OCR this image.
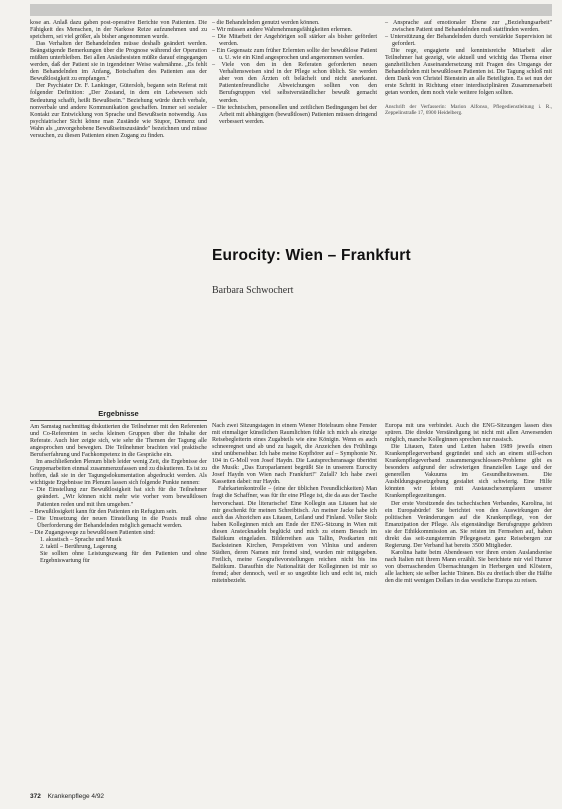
kose an. Anlaß dazu gaben post-operative Berichte von Patienten. Die Fähigkeit des Menschen, in der Narkose Reize aufzunehmen und zu speichern, sei viel größer, als bisher angenommen wurde.

Das Verhalten der Behandelnden müsse deshalb geändert werden. Beängstigende Bemerkungen über die Prognose während der Operation müßten unterbleiben. Bei allen Anästhesisten müßte darauf eingegangen werden, daß der Patient sie in irgendeiner Weise wahrnähme. „Es fehlt den Behandelnden im Anfang, Botschaften des Patienten aus der Bewußtlosigkeit zu empfangen."

Der Psychiater Dr. F. Lankinger, Gütersloh, begann sein Referat mit folgender Definition: „Der Zustand, in dem ein Lebewesen sich Bedeutung schafft, heißt Bewußtsein." Beziehung würde durch verbale, nonverbale und andere Kommunikation geschaffen. Immer sei sozialer Kontakt zur Entwicklung von Sprache und Bewußtsein notwendig. Aus psychiatrischer Sicht könne man Zustände wie Stupor, Demenz und Wahn als „unvorgehobene Bewußtseinszustände" bezeichnen und müsse versuchen, zu diesen Patienten einen Zugang zu finden.

Ergebnisse

Am Samstag nachmittag diskutierten die Teilnehmer mit den Referenten und Co-Referenten in sechs kleinen Gruppen über die Inhalte der Referate. Auch hier zeigte sich, wie sehr die Themen der Tagung alle angesprochen und bewegten. Die Teilnehmer brachten viel praktische Berufserfahrung und Fachkompetenz in die Gespräche ein.

Im anschließenden Plenum blieb leider wenig Zeit, die Ergebnisse der Gruppenarbeiten einmal zusammenzufassen und zu diskutieren. Es ist zu hoffen, daß sie in der Tagungsdokumentation abgedruckt werden. Als wichtigste Ergebnisse im Plenum lassen sich folgende Punkte nennen:

– Die Einstellung zur Bewußtlosigkeit hat sich für die Teilnehmer geändert. „Wir können nicht mehr wie vorher vom bewußtlosen Patienten reden und mit ihm umgehen."
– Bewußtlosigkeit kann für den Patienten ein Refugium sein.
– Die Umsetzung der neuen Einstellung in die Praxis muß ohne Überforderung der Behandelnden möglich gemacht werden.
– Die Zugangswege zu bewußtlosen Patienten sind:
1. akustisch – Sprache und Musik
2. taktil – Berührung, Lagerung
Sie sollten ohne Leistungszwang für den Patienten und ohne Ergebniswartung für
– die Behandelnden genutzt werden können.
– Wir müssen andere Wahrnehmungsfähigkeiten erlernen.
– Die Mitarbeit der Angehörigen soll stärker als bisher gefördert werden.
– Ein Gegensatz zum früher Erlernten sollte der bewußtlose Patient u. U. wie ein Kind angesprochen und angenommen werden.
– Viele von den in den Referaten geforderten neuen Verhaltensweisen sind in der Pflege schon üblich. Sie werden aber von den Ärzten oft belächelt und nicht anerkannt. Patientenfreundliche Abweichungen sollten von den Berufsgruppen viel selbstverständlicher bewußt gemacht werden.
– Die technischen, personellen und zeitlichen Bedingungen bei der Arbeit mit abhängigen (bewußtlosen) Patienten müssen dringend verbessert werden.
– Ansprache auf emotionaler Ebene zur „Beziehungsarbeit" zwischen Patient und Behandelnden muß stattfinden werden.
– Unterstützung der Behandelnden durch verstärkte Supervision ist gefordert.

Die rege, engagierte und kenntnisreiche Mitarbeit aller Teilnehmer hat gezeigt, wie aktuell und wichtig das Thema einer ganzheitlichen Auseinandersetzung mit Fragen des Umgangs der Behandelnden mit bewußtlosen Patienten ist. Die Tagung schloß mit dem Dank von Christel Bienstein an alle Beteiligten. Es sei nun der erste Schritt in Richtung einer interdisziplinären Zusammenarbeit getan worden, dem noch viele weitere folgen sollten.

Anschrift der Verfasserin: Marion Alfonso, Pflegedienstleitung i. R., Zeppelinstraße 17, 6900 Heidelberg.
Eurocity: Wien – Frankfurt
Barbara Schwochert

Nach zwei Sitzungstagen in einem Wiener Hotelraum ohne Fenster mit einmaliger künstlichen Raumlichten fühle ich mich als einzige Reisebegleiterin eines Zugabteils wie eine Königin. Wenn es auch schneeregnet und ab und zu hagelt, die Anzeichen des Frühlings sind unübersehbar. Ich habe meine Kopfhörer auf – Symphonie Nr. 104 in G-Moll von Josef Haydn. Die Lautsprecheransage übertönt die Musik: „Das Europarlament begrüßt Sie in unserem Eurocity Josef Haydn von Wien nach Frankfurt!" Zufall? Ich habe zwei Kassetten dabei: nur Haydn.

Fahrkartenkontrolle – (eine der üblichen Freundlichkeiten) Man fragt die Schaffner, was für ihr eine Pflege ist, die da aus der Tasche hervorschaut. Die literarische! Eine Kollegin aus Litauen hat sie mir geschenkt für meinen Schreibtisch. An meiner Jacke habe ich auch das Abzeichen aus Litauen, Leiland und Finland. Voller Stolz haben Kolleginnen mich am Ende der ENG-Sitzung in Wien mit diesen Anstecknadeln beglückt und mich zu einem Besuch im Baltikum eingeladen. Bilderreihen aus Tallin, Postkarten mit Backsteinen Kirchen, Perspektiven von Vilnius und anderen Städten, deren Namen mir fremd sind, wurden mir mitgegeben. Freilich, meine Geografievorstellungen reichen nicht bis ins Baltikum. Daraufhin die Nationalität der Kolleginnen ist mir so fremd; aber dennoch, weil er so ungeübte lich und echt ist, mich miteinbezieht.

Europa mit uns verbindet. Auch die ENG-Sitzungen lassen dies spüren. Die direkte Verständigung ist nicht mit allen Anwesenden möglich, manche Kolleginnen sprechen nur russisch.

Die Litauen, Esten und Letten haben 1989 jeweils einen Krankenpflegerverband gegründet und sich an einem still-schon Krankenpflegeverband zusammengeschlossen-Probleme gibt es besonders aufgrund der schwierigen finanziellen Lage und der generellen Vakuums im Gesundheitswesen. Die Ausbildungsgesetzgebung gestaltet sich schwierig. Eine Hilfe könnten wir leisten mit Austauschexemplaren unserer Krankenpflegezeitungen.

Der erste Vorsitzende des tschechischen Verbandes, Karolina, ist ein Europabürde! Sie berichtet von den Auswirkungen der politischen Veränderungen auf die Krankenpflege, von der Emanzipation der Pflege. Als eigenständige Berufsgruppe gehören sie der Ethikkommission an. Sie reisten im Fernsehen auf, haben direkt das seit-zungstermin Pflegegesetz ganz Reisebergen zur Regierung. Der Verband hat bereits 3500 Mitglieder.

Karolina hatte beim Abendessen vor ihren ersten Auslandsreise nach Italien mit ihrem Mann erzählt. Sie berichtete mir viel Humor von überraschenden Übernachtungen in Herbergen und Klöstern, alle lachten; sie selber lachte Tränen. Bis zu dreifach über die Hälfte den die mit wenigen Dollars in das westliche Europa zu reisen.

372 Krankenpflege 4/92
